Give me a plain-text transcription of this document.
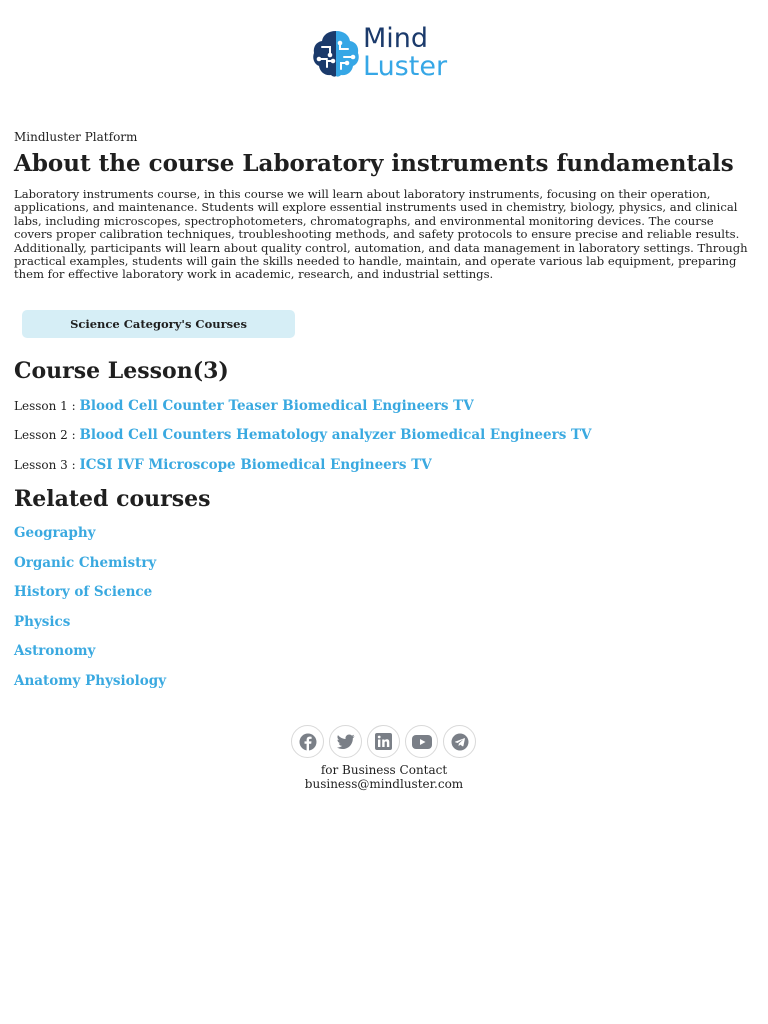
Mind
Luster
Mindluster Platform
About the course Laboratory instruments fundamentals

Laboratory instruments course, in this course we will learn about laboratory instruments, focusing on their operation, applications, and maintenance. Students will explore essential instruments used in chemistry, biology, physics, and clinical labs, including microscopes, spectrophotometers, chromatographs, and environmental monitoring devices. The course covers proper calibration techniques, troubleshooting methods, and safety protocols to ensure precise and reliable results. Additionally, participants will learn about quality control, automation, and data management in laboratory settings. Through practical examples, students will gain the skills needed to handle, maintain, and operate various lab equipment, preparing them for effective laboratory work in academic, research, and industrial settings.

Science Category's Courses
Course Lesson(3)
Lesson 1 : Blood Cell Counter Teaser Biomedical Engineers TV
Lesson 2 : Blood Cell Counters Hematology analyzer Biomedical Engineers TV
Lesson 3 : ICSI IVF Microscope Biomedical Engineers TV
Related courses
Geography
Organic Chemistry
History of Science
Physics
Astronomy
Anatomy Physiology
for Business Contact
business@mindluster.com
